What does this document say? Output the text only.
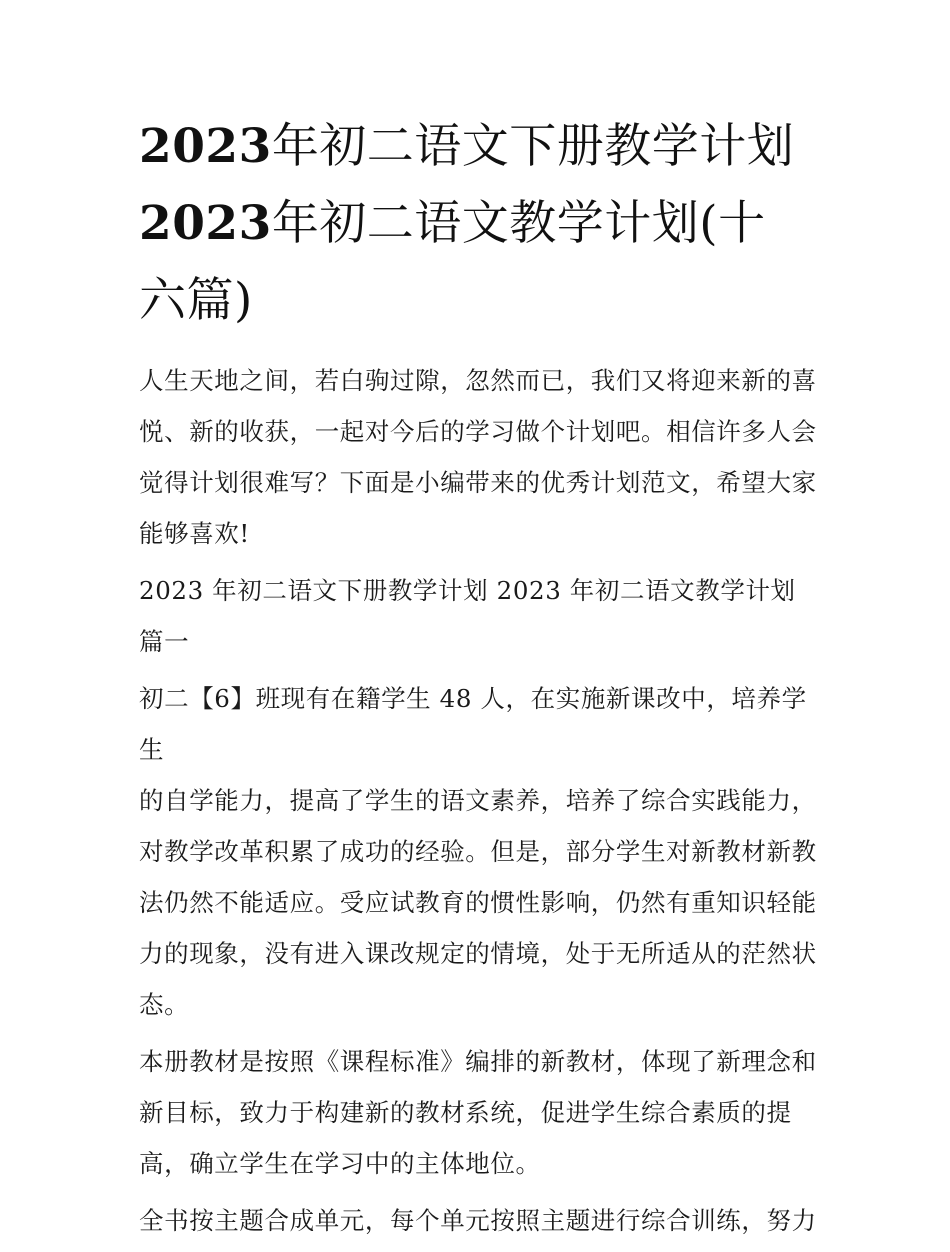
2023年初二语文下册教学计划
2023年初二语文教学计划(十
六篇)

人生天地之间，若白驹过隙，忽然而已，我们又将迎来新的喜
悦、新的收获，一起对今后的学习做个计划吧。相信许多人会
觉得计划很难写？下面是小编带来的优秀计划范文，希望大家
能够喜欢!

2023 年初二语文下册教学计划 2023 年初二语文教学计划篇一

初二【6】班现有在籍学生 48 人，在实施新课改中，培养学生
的自学能力，提高了学生的语文素养，培养了综合实践能力，
对教学改革积累了成功的经验。但是，部分学生对新教材新教
法仍然不能适应。受应试教育的惯性影响，仍然有重知识轻能
力的现象，没有进入课改规定的情境，处于无所适从的茫然状
态。

本册教材是按照《课程标准》编排的新教材，体现了新理念和
新目标，致力于构建新的教材系统，促进学生综合素质的提
高，确立学生在学习中的主体地位。

全书按主题合成单元，每个单元按照主题进行综合训练，努力
